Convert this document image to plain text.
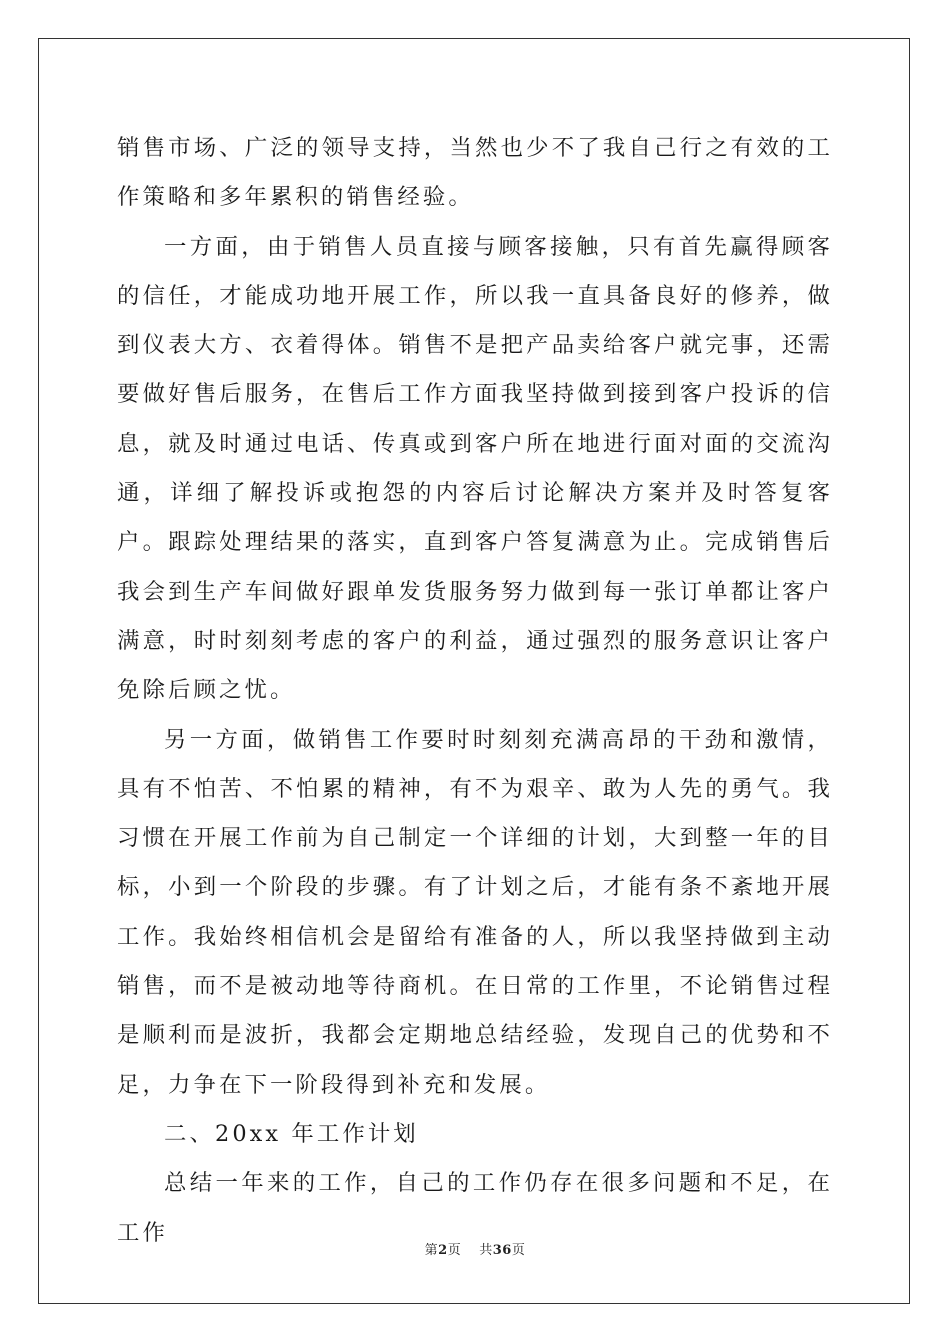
销售市场、广泛的领导支持，当然也少不了我自己行之有效的工作策略和多年累积的销售经验。

一方面，由于销售人员直接与顾客接触，只有首先赢得顾客的信任，才能成功地开展工作，所以我一直具备良好的修养，做到仪表大方、衣着得体。销售不是把产品卖给客户就完事，还需要做好售后服务，在售后工作方面我坚持做到接到客户投诉的信息，就及时通过电话、传真或到客户所在地进行面对面的交流沟通，详细了解投诉或抱怨的内容后讨论解决方案并及时答复客户。跟踪处理结果的落实，直到客户答复满意为止。完成销售后我会到生产车间做好跟单发货服务努力做到每一张订单都让客户满意，时时刻刻考虑的客户的利益，通过强烈的服务意识让客户免除后顾之忧。

另一方面，做销售工作要时时刻刻充满高昂的干劲和激情，具有不怕苦、不怕累的精神，有不为艰辛、敢为人先的勇气。我习惯在开展工作前为自己制定一个详细的计划，大到整一年的目标，小到一个阶段的步骤。有了计划之后，才能有条不紊地开展工作。我始终相信机会是留给有准备的人，所以我坚持做到主动销售，而不是被动地等待商机。在日常的工作里，不论销售过程是顺利而是波折，我都会定期地总结经验，发现自己的优势和不足，力争在下一阶段得到补充和发展。

二、20xx 年工作计划

总结一年来的工作，自己的工作仍存在很多问题和不足，在工作

第2页 共36页
